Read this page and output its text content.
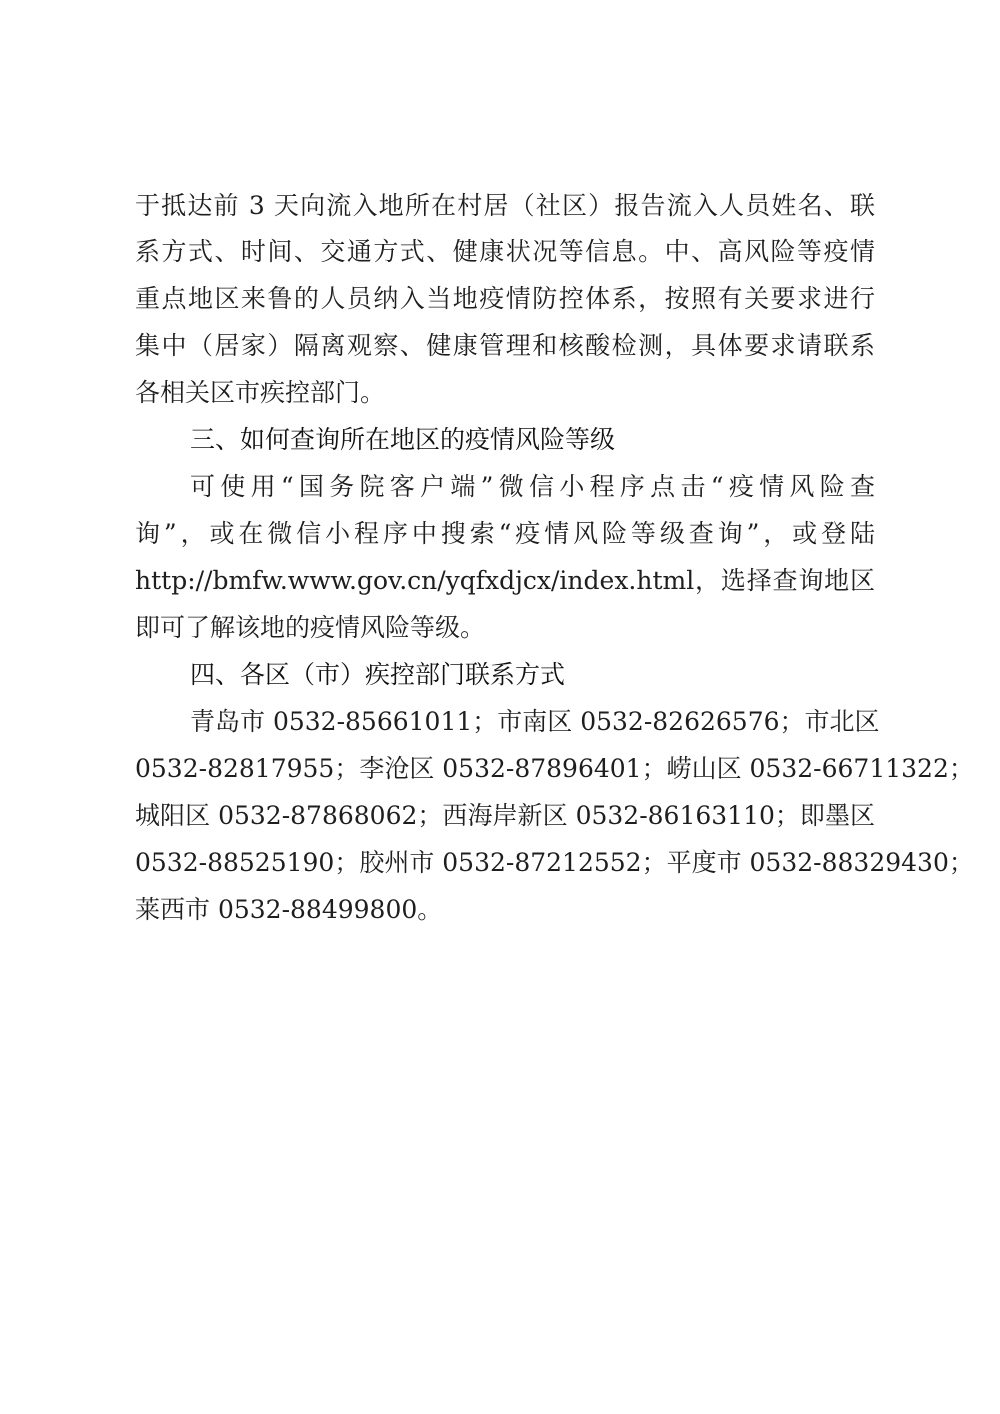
于抵达前 3 天向流入地所在村居（社区）报告流入人员姓名、联
系方式、时间、交通方式、健康状况等信息。中、高风险等疫情
重点地区来鲁的人员纳入当地疫情防控体系，按照有关要求进行
集中（居家）隔离观察、健康管理和核酸检测，具体要求请联系
各相关区市疾控部门。
三、如何查询所在地区的疫情风险等级
可使用“国务院客户端”微信小程序点击“疫情风险查
询”，或在微信小程序中搜索“疫情风险等级查询”，或登陆
http://bmfw.www.gov.cn/yqfxdjcx/index.html，选择查询地区
即可了解该地的疫情风险等级。
四、各区（市）疾控部门联系方式
青岛市 0532-85661011；市南区 0532-82626576；市北区
0532-82817955；李沧区 0532-87896401；崂山区 0532-66711322；
城阳区 0532-87868062；西海岸新区 0532-86163110；即墨区
0532-88525190；胶州市 0532-87212552；平度市 0532-88329430；
莱西市 0532-88499800。
